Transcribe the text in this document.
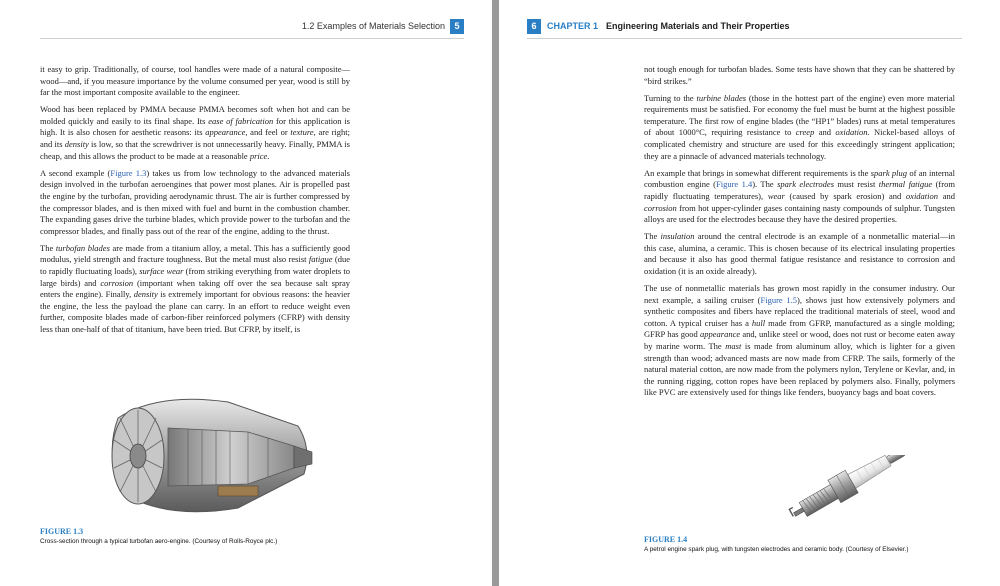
1.2 Examples of Materials Selection	5

it easy to grip. Traditionally, of course, tool handles were made of a natural composite—wood—and, if you measure importance by the volume consumed per year, wood is still by far the most important composite available to the engineer.

Wood has been replaced by PMMA because PMMA becomes soft when hot and can be molded quickly and easily to its final shape. Its ease of fabrication for this application is high. It is also chosen for aesthetic reasons: its appearance, and feel or texture, are right; and its density is low, so that the screwdriver is not unnecessarily heavy. Finally, PMMA is cheap, and this allows the product to be made at a reasonable price.

A second example (Figure 1.3) takes us from low technology to the advanced materials design involved in the turbofan aeroengines that power most planes. Air is propelled past the engine by the turbofan, providing aerodynamic thrust. The air is further compressed by the compressor blades, and is then mixed with fuel and burnt in the combustion chamber. The expanding gases drive the turbine blades, which provide power to the turbofan and the compressor blades, and finally pass out of the rear of the engine, adding to the thrust.

The turbofan blades are made from a titanium alloy, a metal. This has a sufficiently good modulus, yield strength and fracture toughness. But the metal must also resist fatigue (due to rapidly fluctuating loads), surface wear (from striking everything from water droplets to large birds) and corrosion (important when taking off over the sea because salt spray enters the engine). Finally, density is extremely important for obvious reasons: the heavier the engine, the less the payload the plane can carry. In an effort to reduce weight even further, composite blades made of carbon-fiber reinforced polymers (CFRP) with density less than one-half of that of titanium, have been tried. But CFRP, by itself, is

FIGURE 1.3
Cross-section through a typical turbofan aero-engine. (Courtesy of Rolls-Royce plc.)
6	CHAPTER 1 Engineering Materials and Their Properties

not tough enough for turbofan blades. Some tests have shown that they can be shattered by “bird strikes.”

Turning to the turbine blades (those in the hottest part of the engine) even more material requirements must be satisfied. For economy the fuel must be burnt at the highest possible temperature. The first row of engine blades (the “HP1” blades) runs at metal temperatures of about 1000°C, requiring resistance to creep and oxidation. Nickel-based alloys of complicated chemistry and structure are used for this exceedingly stringent application; they are a pinnacle of advanced materials technology.

An example that brings in somewhat different requirements is the spark plug of an internal combustion engine (Figure 1.4). The spark electrodes must resist thermal fatigue (from rapidly fluctuating temperatures), wear (caused by spark erosion) and oxidation and corrosion from hot upper-cylinder gases containing nasty compounds of sulphur. Tungsten alloys are used for the electrodes because they have the desired properties.

The insulation around the central electrode is an example of a nonmetallic material—in this case, alumina, a ceramic. This is chosen because of its electrical insulating properties and because it also has good thermal fatigue resistance and resistance to corrosion and oxidation (it is an oxide already).

The use of nonmetallic materials has grown most rapidly in the consumer industry. Our next example, a sailing cruiser (Figure 1.5), shows just how extensively polymers and synthetic composites and fibers have replaced the traditional materials of steel, wood and cotton. A typical cruiser has a hull made from GFRP, manufactured as a single molding; GFRP has good appearance and, unlike steel or wood, does not rust or become eaten away by marine worm. The mast is made from aluminum alloy, which is lighter for a given strength than wood; advanced masts are now made from CFRP. The sails, formerly of the natural material cotton, are now made from the polymers nylon, Terylene or Kevlar, and, in the running rigging, cotton ropes have been replaced by polymers also. Finally, polymers like PVC are extensively used for things like fenders, buoyancy bags and boat covers.

FIGURE 1.4
A petrol engine spark plug, with tungsten electrodes and ceramic body. (Courtesy of Elsevier.)
